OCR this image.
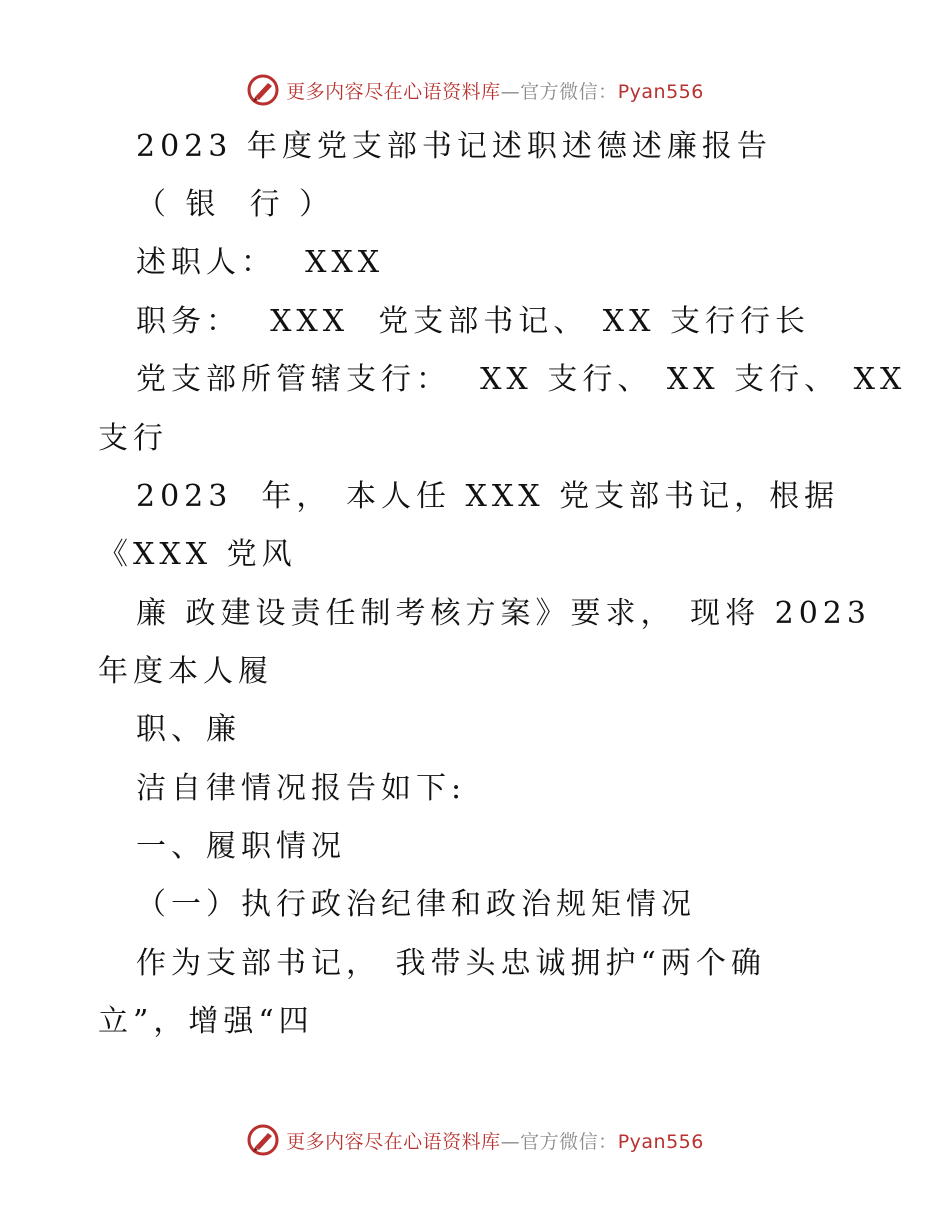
更多内容尽在心语资料库—官方微信：Pyan556
2023 年度党支部书记述职述德述廉报告
（ 银  行 ）
述职人：  XXX
职务：  XXX  党支部书记、 XX 支行行长
党支部所管辖支行：  XX 支行、 XX 支行、 XX
支行
2023  年， 本人任 XXX 党支部书记，根据
《XXX 党风
廉 政建设责任制考核方案》要求， 现将 2023
年度本人履
职、廉
洁自律情况报告如下:
一、履职情况
（一）执行政治纪律和政治规矩情况
作为支部书记， 我带头忠诚拥护“两个确
立”，增强“四
更多内容尽在心语资料库—官方微信：Pyan556
